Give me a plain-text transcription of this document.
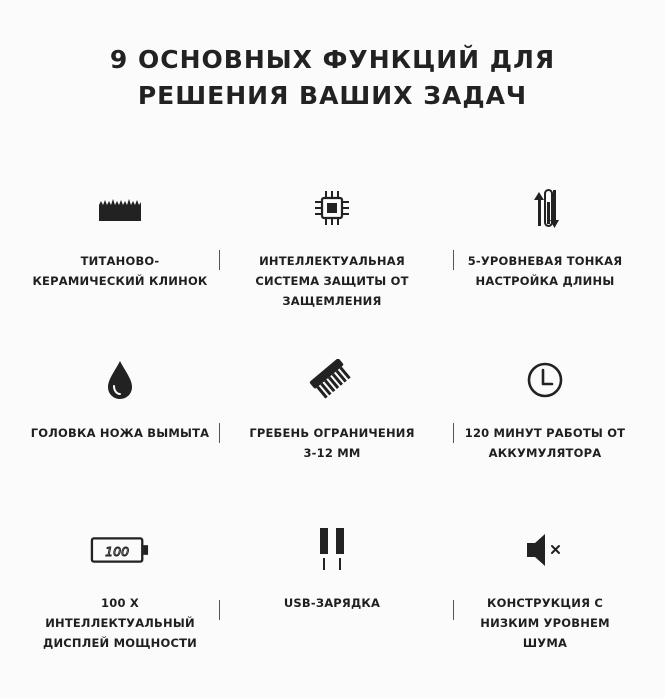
9 ОСНОВНЫХ ФУНКЦИЙ ДЛЯ
РЕШЕНИЯ ВАШИХ ЗАДАЧ
ТИТАНОВО-
КЕРАМИЧЕСКИЙ КЛИНОК
ИНТЕЛЛЕКТУАЛЬНАЯ
СИСТЕМА ЗАЩИТЫ ОТ
ЗАЩЕМЛЕНИЯ
5-УРОВНЕВАЯ ТОНКАЯ
НАСТРОЙКА ДЛИНЫ
ГОЛОВКА НОЖА ВЫМЫТА	ГРЕБЕНЬ ОГРАНИЧЕНИЯ
3-12 ММ
120 МИНУТ РАБОТЫ ОТ
АККУМУЛЯТОРА
100
100 Х
ИНТЕЛЛЕКТУАЛЬНЫЙ
ДИСПЛЕЙ МОЩНОСТИ
USB-ЗАРЯДКА	КОНСТРУКЦИЯ С
НИЗКИМ УРОВНЕМ
ШУМА
